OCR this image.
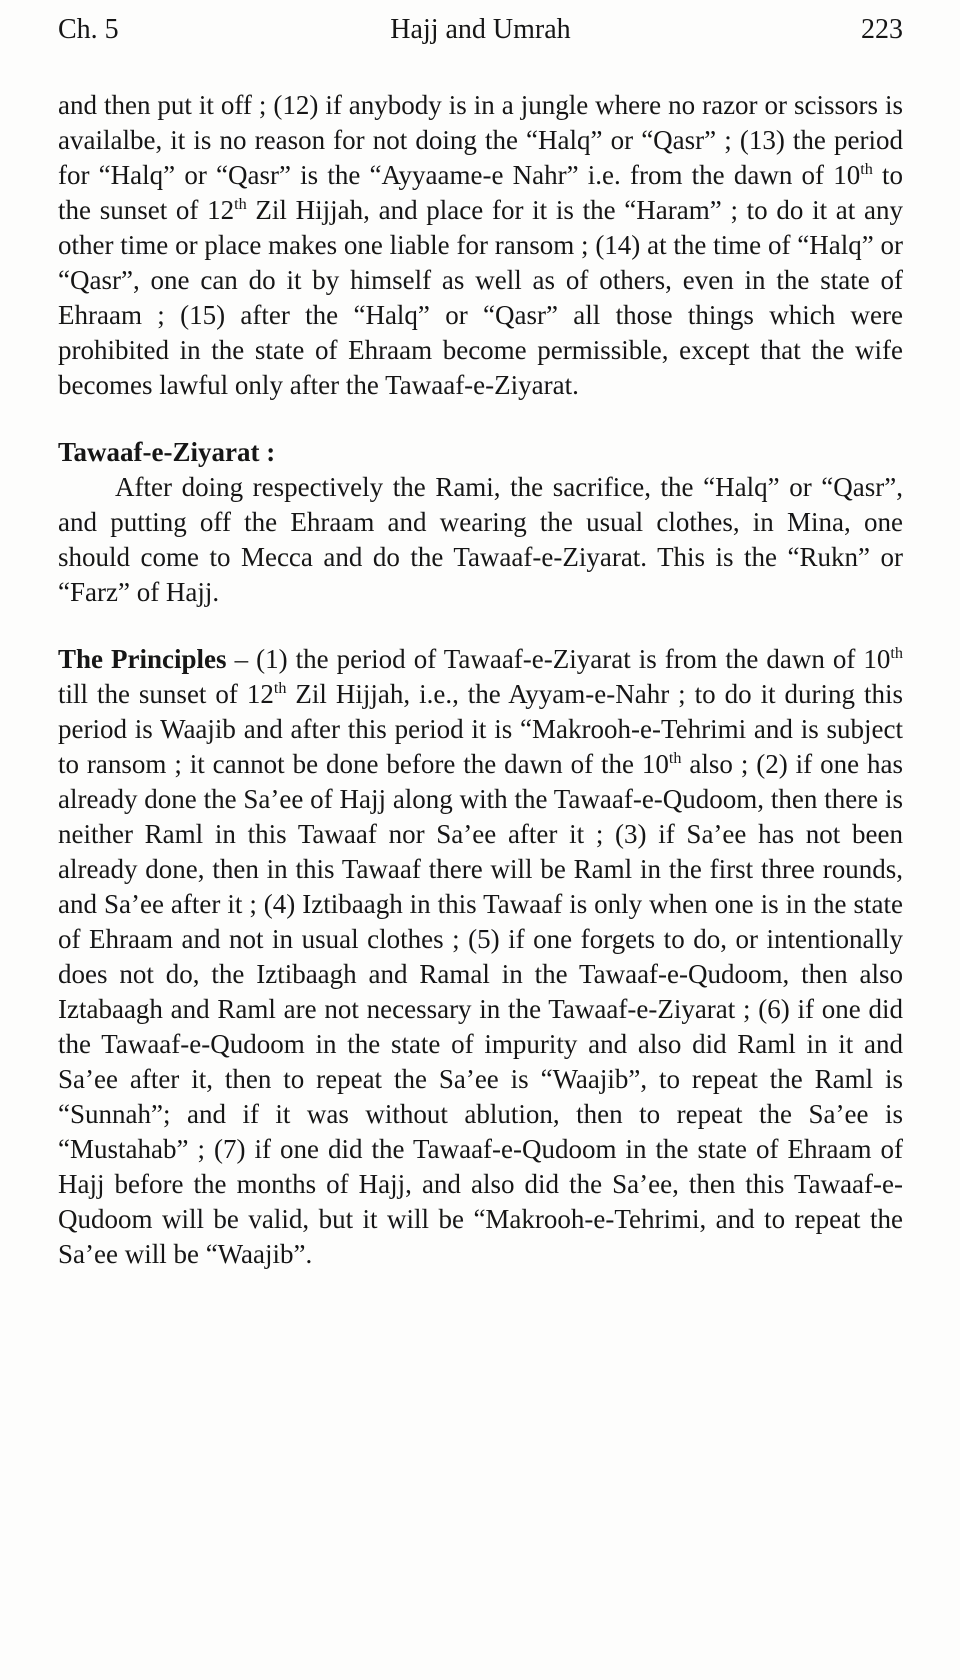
Ch. 5	Hajj and Umrah	223

and then put it off ; (12) if anybody is in a jungle where no razor or scissors is availalbe, it is no reason for not doing the “Halq” or “Qasr” ; (13) the period for “Halq” or “Qasr” is the “Ayyaame-e Nahr” i.e. from the dawn of 10th to the sunset of 12th Zil Hijjah, and place for it is the “Haram” ; to do it at any other time or place makes one liable for ransom ; (14) at the time of “Halq” or “Qasr”, one can do it by himself as well as of others, even in the state of Ehraam ; (15) after the “Halq” or “Qasr” all those things which were prohibited in the state of Ehraam become permissible, except that the wife becomes lawful only after the Tawaaf-e-Ziyarat.

Tawaaf-e-Ziyarat :

After doing respectively the Rami, the sacrifice, the “Halq” or “Qasr”, and putting off the Ehraam and wearing the usual clothes, in Mina, one should come to Mecca and do the Tawaaf-e-Ziyarat. This is the “Rukn” or “Farz” of Hajj.

The Principles – (1) the period of Tawaaf-e-Ziyarat is from the dawn of 10th till the sunset of 12th Zil Hijjah, i.e., the Ayyam-e-Nahr ; to do it during this period is Waajib and after this period it is “Makrooh-e-Tehrimi and is subject to ransom ; it cannot be done before the dawn of the 10th also ; (2) if one has already done the Sa’ee of Hajj along with the Tawaaf-e-Qudoom, then there is neither Raml in this Tawaaf nor Sa’ee after it ; (3) if Sa’ee has not been already done, then in this Tawaaf there will be Raml in the first three rounds, and Sa’ee after it ; (4) Iztibaagh in this Tawaaf is only when one is in the state of Ehraam and not in usual clothes ; (5) if one forgets to do, or intentionally does not do, the Iztibaagh and Ramal in the Tawaaf-e-Qudoom, then also Iztabaagh and Raml are not necessary in the Tawaaf-e-Ziyarat ; (6) if one did the Tawaaf-e-Qudoom in the state of impurity and also did Raml in it and Sa’ee after it, then to repeat the Sa’ee is “Waajib”, to repeat the Raml is “Sunnah”; and if it was without ablution, then to repeat the Sa’ee is “Mustahab” ; (7) if one did the Tawaaf-e-Qudoom in the state of Ehraam of Hajj before the months of Hajj, and also did the Sa’ee, then this Tawaaf-e-Qudoom will be valid, but it will be “Makrooh-e-Tehrimi, and to repeat the Sa’ee will be “Waajib”.
